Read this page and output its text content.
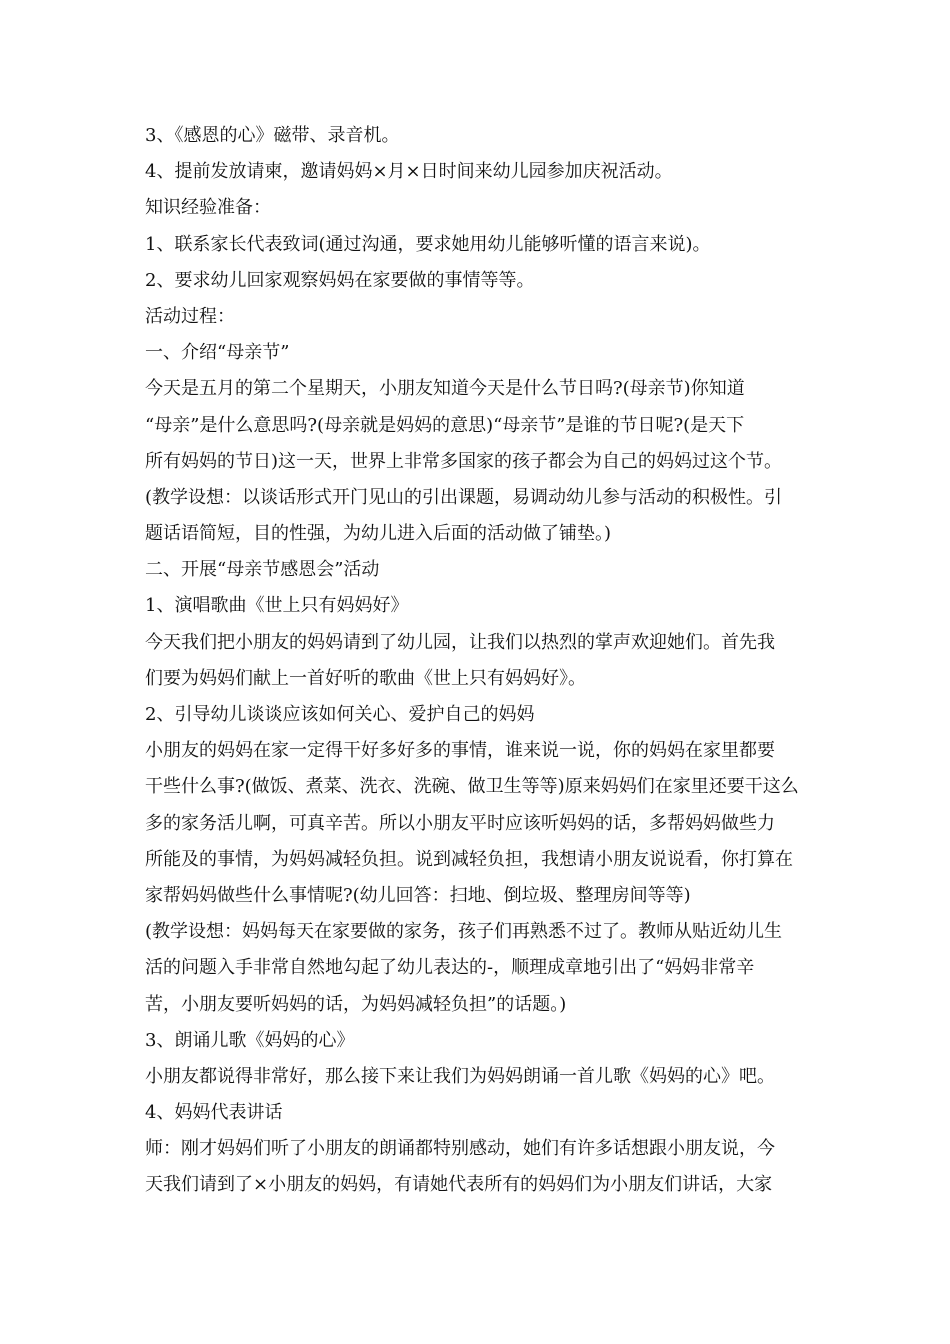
3、《感恩的心》磁带、录音机。

4、提前发放请柬，邀请妈妈×月×日时间来幼儿园参加庆祝活动。

知识经验准备：

1、联系家长代表致词(通过沟通，要求她用幼儿能够听懂的语言来说)。

2、要求幼儿回家观察妈妈在家要做的事情等等。

活动过程：

一、介绍“母亲节”

今天是五月的第二个星期天，小朋友知道今天是什么节日吗?(母亲节)你知道

“母亲”是什么意思吗?(母亲就是妈妈的意思)“母亲节”是谁的节日呢?(是天下

所有妈妈的节日)这一天，世界上非常多国家的孩子都会为自己的妈妈过这个节。

(教学设想：以谈话形式开门见山的引出课题，易调动幼儿参与活动的积极性。引

题话语简短，目的性强，为幼儿进入后面的活动做了铺垫。)

二、开展“母亲节感恩会”活动

1、演唱歌曲《世上只有妈妈好》

今天我们把小朋友的妈妈请到了幼儿园，让我们以热烈的掌声欢迎她们。首先我

们要为妈妈们献上一首好听的歌曲《世上只有妈妈好》。

2、引导幼儿谈谈应该如何关心、爱护自己的妈妈

小朋友的妈妈在家一定得干好多好多的事情，谁来说一说，你的妈妈在家里都要

干些什么事?(做饭、煮菜、洗衣、洗碗、做卫生等等)原来妈妈们在家里还要干这么

多的家务活儿啊，可真辛苦。所以小朋友平时应该听妈妈的话，多帮妈妈做些力

所能及的事情，为妈妈减轻负担。说到减轻负担，我想请小朋友说说看，你打算在

家帮妈妈做些什么事情呢?(幼儿回答：扫地、倒垃圾、整理房间等等)

(教学设想：妈妈每天在家要做的家务，孩子们再熟悉不过了。教师从贴近幼儿生

活的问题入手非常自然地勾起了幼儿表达的-，顺理成章地引出了“妈妈非常辛

苦，小朋友要听妈妈的话，为妈妈减轻负担”的话题。)

3、朗诵儿歌《妈妈的心》

小朋友都说得非常好，那么接下来让我们为妈妈朗诵一首儿歌《妈妈的心》吧。

4、妈妈代表讲话

师：刚才妈妈们听了小朋友的朗诵都特别感动，她们有许多话想跟小朋友说，今

天我们请到了×小朋友的妈妈，有请她代表所有的妈妈们为小朋友们讲话，大家
